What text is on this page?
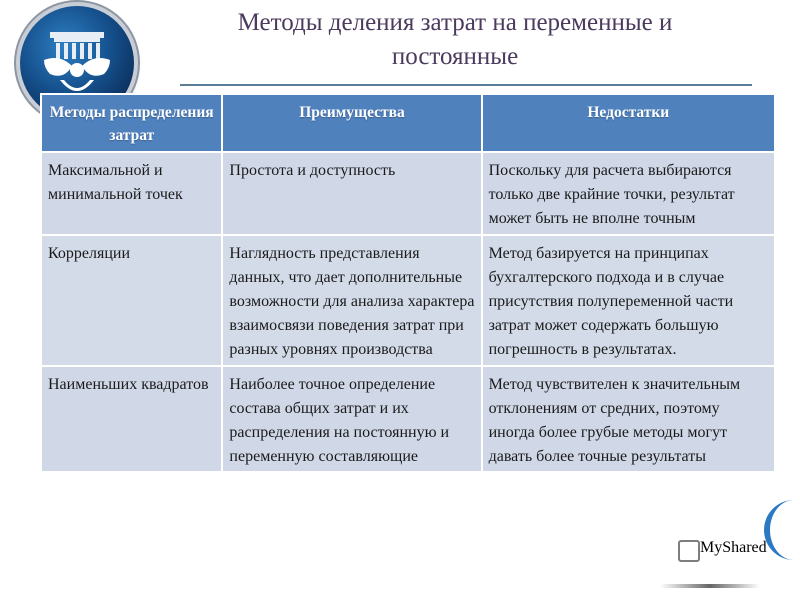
Методы деления затрат на переменные и постоянные
Методы распределения затрат	Преимущества	Недостатки
Максимальной и минимальной точек	Простота и доступность	Поскольку для расчета выбираются только две крайние точки, результат может быть не вполне точным
Корреляции	Наглядность представления данных, что дает дополнительные возможности для анализа характера взаимосвязи поведения затрат при разных уровнях производства	Метод базируется на принципах бухгалтерского подхода и в случае присутствия полупеременной части затрат может содержать большую погрешность в результатах.
Наименьших квадратов	Наиболее точное определение состава общих затрат и их распределения на постоянную и переменную составляющие	Метод чувствителен к значительным отклонениям от средних, поэтому иногда более грубые методы могут давать более точные результаты
MyShared
